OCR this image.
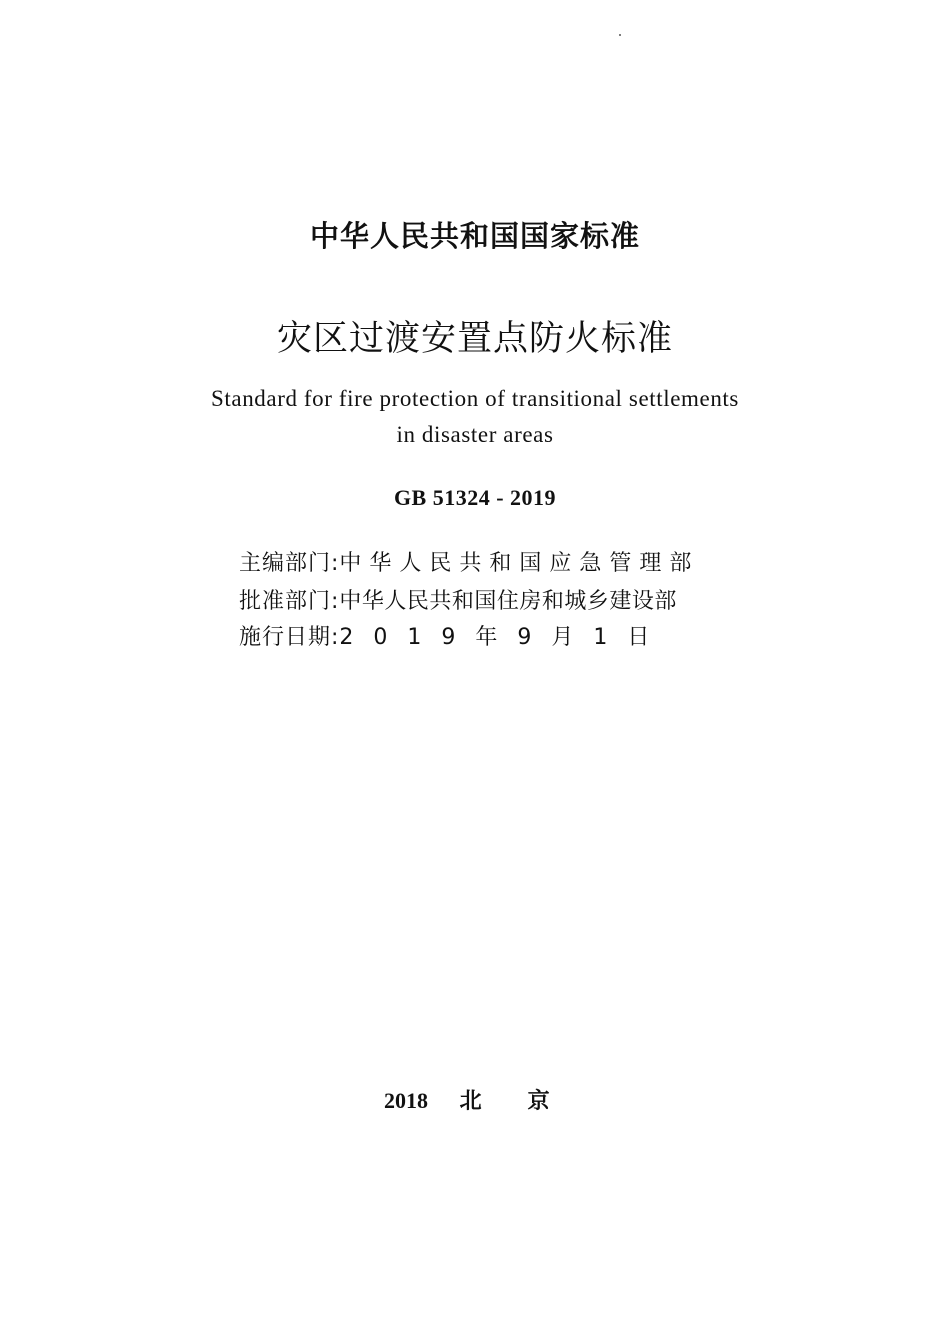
中华人民共和国国家标准
灾区过渡安置点防火标准
Standard for fire protection of transitional settlements
in disaster areas
GB 51324 - 2019
主编部门: 中华人民共和国应急管理部
批准部门: 中华人民共和国住房和城乡建设部
施行日期: 2019年9月1日
2018 北京
